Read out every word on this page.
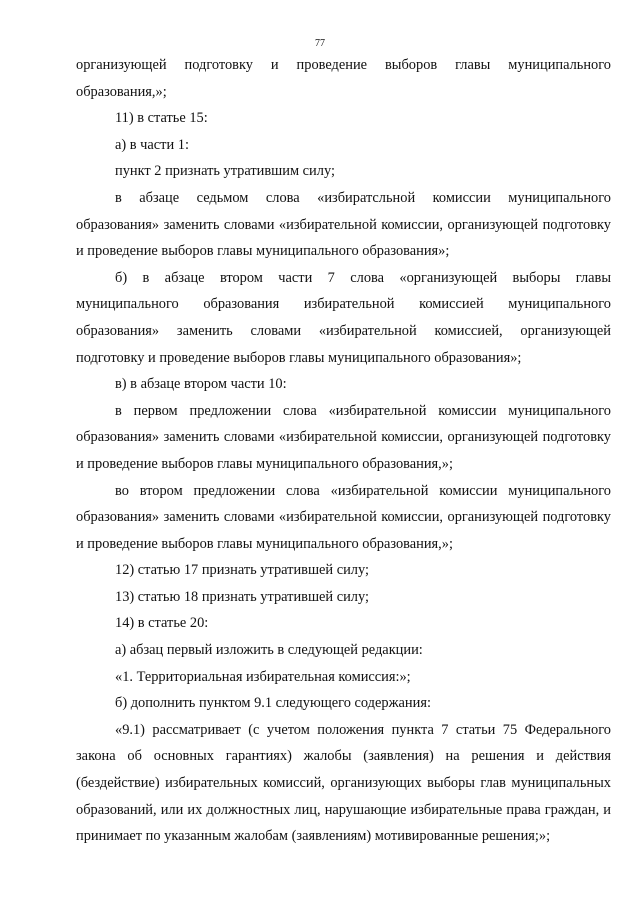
77

организующей подготовку и проведение выборов главы муниципального образования,»;

11) в статье 15:

а) в части 1:

пункт 2 признать утратившим силу;

в абзаце седьмом слова «избиратсльной комиссии муниципального образования» заменить словами «избирательной комиссии, организующей подготовку и проведение выборов главы муниципального образования»;

б) в абзаце втором части 7 слова «организующей выборы главы муниципального образования избирательной комиссией муниципального образования» заменить словами «избирательной комиссией, организующей подготовку и проведение выборов главы муниципального образования»;

в) в абзаце втором части 10:

в первом предложении слова «избирательной комиссии муниципального образования» заменить словами «избирательной комиссии, организующей подготовку и проведение выборов главы муниципального образования,»;

во втором предложении слова «избирательной комиссии муниципального образования» заменить словами «избирательной комиссии, организующей подготовку и проведение выборов главы муниципального образования,»;

12) статью 17 признать утратившей силу;

13) статью 18 признать утратившей силу;

14) в статье 20:

а) абзац первый изложить в следующей редакции:

«1. Территориальная избирательная комиссия:»;

б) дополнить пунктом 9.1 следующего содержания:

«9.1) рассматривает (с учетом положения пункта 7 статьи 75 Федерального закона об основных гарантиях) жалобы (заявления) на решения и действия (бездействие) избирательных комиссий, организующих выборы глав муниципальных образований, или их должностных лиц, нарушающие избирательные права граждан, и принимает по указанным жалобам (заявлениям) мотивированные решения;»;
